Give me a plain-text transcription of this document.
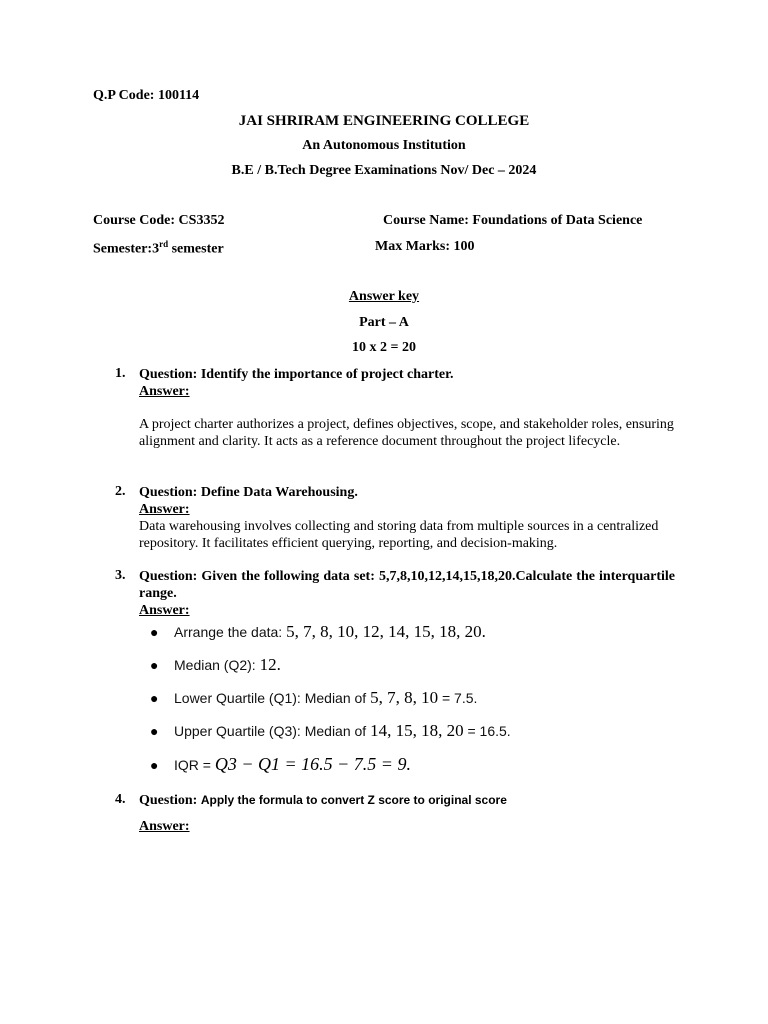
Q.P Code: 100114
JAI SHRIRAM ENGINEERING COLLEGE
An Autonomous Institution
B.E / B.Tech Degree Examinations Nov/ Dec – 2024
Course Code: CS3352	Course Name: Foundations of Data Science
Semester:3rd semester	Max Marks: 100
Answer key
Part – A
10 x 2 = 20
1. Question: Identify the importance of project charter.
Answer:
A project charter authorizes a project, defines objectives, scope, and stakeholder roles, ensuring alignment and clarity. It acts as a reference document throughout the project lifecycle.
2. Question: Define Data Warehousing.
Answer:
Data warehousing involves collecting and storing data from multiple sources in a centralized repository. It facilitates efficient querying, reporting, and decision-making.
3. Question: Given the following data set: 5,7,8,10,12,14,15,18,20.Calculate the interquartile range.
Answer:
● Arrange the data: 5, 7, 8, 10, 12, 14, 15, 18, 20.
● Median (Q2): 12.
● Lower Quartile (Q1): Median of 5, 7, 8, 10 = 7.5.
● Upper Quartile (Q3): Median of 14, 15, 18, 20 = 16.5.
● IQR = Q3 − Q1 = 16.5 − 7.5 = 9.
4. Question: Apply the formula to convert Z score to original score
Answer:
